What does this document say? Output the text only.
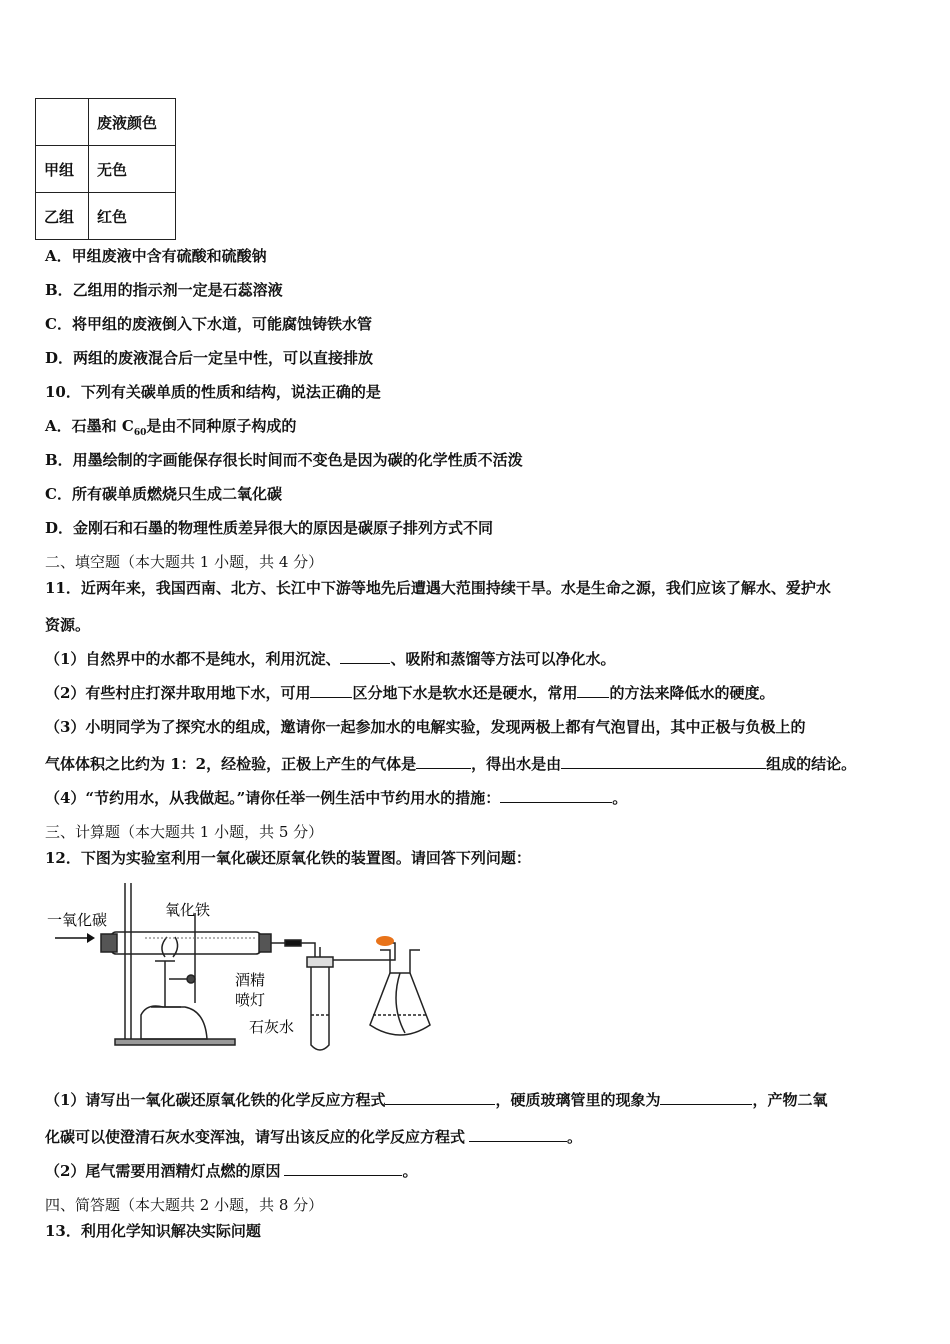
	废液颜色
甲组	无色
乙组	红色
A．甲组废液中含有硫酸和硫酸钠
B．乙组用的指示剂一定是石蕊溶液
C．将甲组的废液倒入下水道，可能腐蚀铸铁水管
D．两组的废液混合后一定呈中性，可以直接排放
10．下列有关碳单质的性质和结构，说法正确的是
A．石墨和 $C_{60}$是由不同种原子构成的
B．用墨绘制的字画能保存很长时间而不变色是因为碳的化学性质不活泼
C．所有碳单质燃烧只生成二氧化碳
D．金刚石和石墨的物理性质差异很大的原因是碳原子排列方式不同
二、填空题（本大题共 1 小题，共 4 分）
11．近两年来，我国西南、北方、长江中下游等地先后遭遇大范围持续干旱。水是生命之源，我们应该了解水、爱护水
资源。
（1）自然界中的水都不是纯水，利用沉淀、	、吸附和蒸馏等方法可以净化水。
（2）有些村庄打深井取用地下水，可用	区分地下水是软水还是硬水，常用 的方法来降低水的硬度。
（3）小明同学为了探究水的组成，邀请你一起参加水的电解实验，发现两极上都有气泡冒出，其中正极与负极上的
气体体积之比约为 1：2，经检验，正极上产生的气体是	，得出水是由	组成的结论。
（4）“节约用水，从我做起。”请你任举一例生活中节约用水的措施：	。
三、计算题（本大题共 1 小题，共 5 分）
12．下图为实验室利用一氧化碳还原氧化铁的装置图。请回答下列问题：
一氧化碳
氧化铁
酒精
喷灯
石灰水
（1）请写出一氧化碳还原氧化铁的化学反应方程式	，硬质玻璃管里的现象为	，产物二氧
化碳可以使澄清石灰水变浑浊，请写出该反应的化学反应方程式	。
（2）尾气需要用酒精灯点燃的原因	。
四、简答题（本大题共 2 小题，共 8 分）
13．利用化学知识解决实际问题
